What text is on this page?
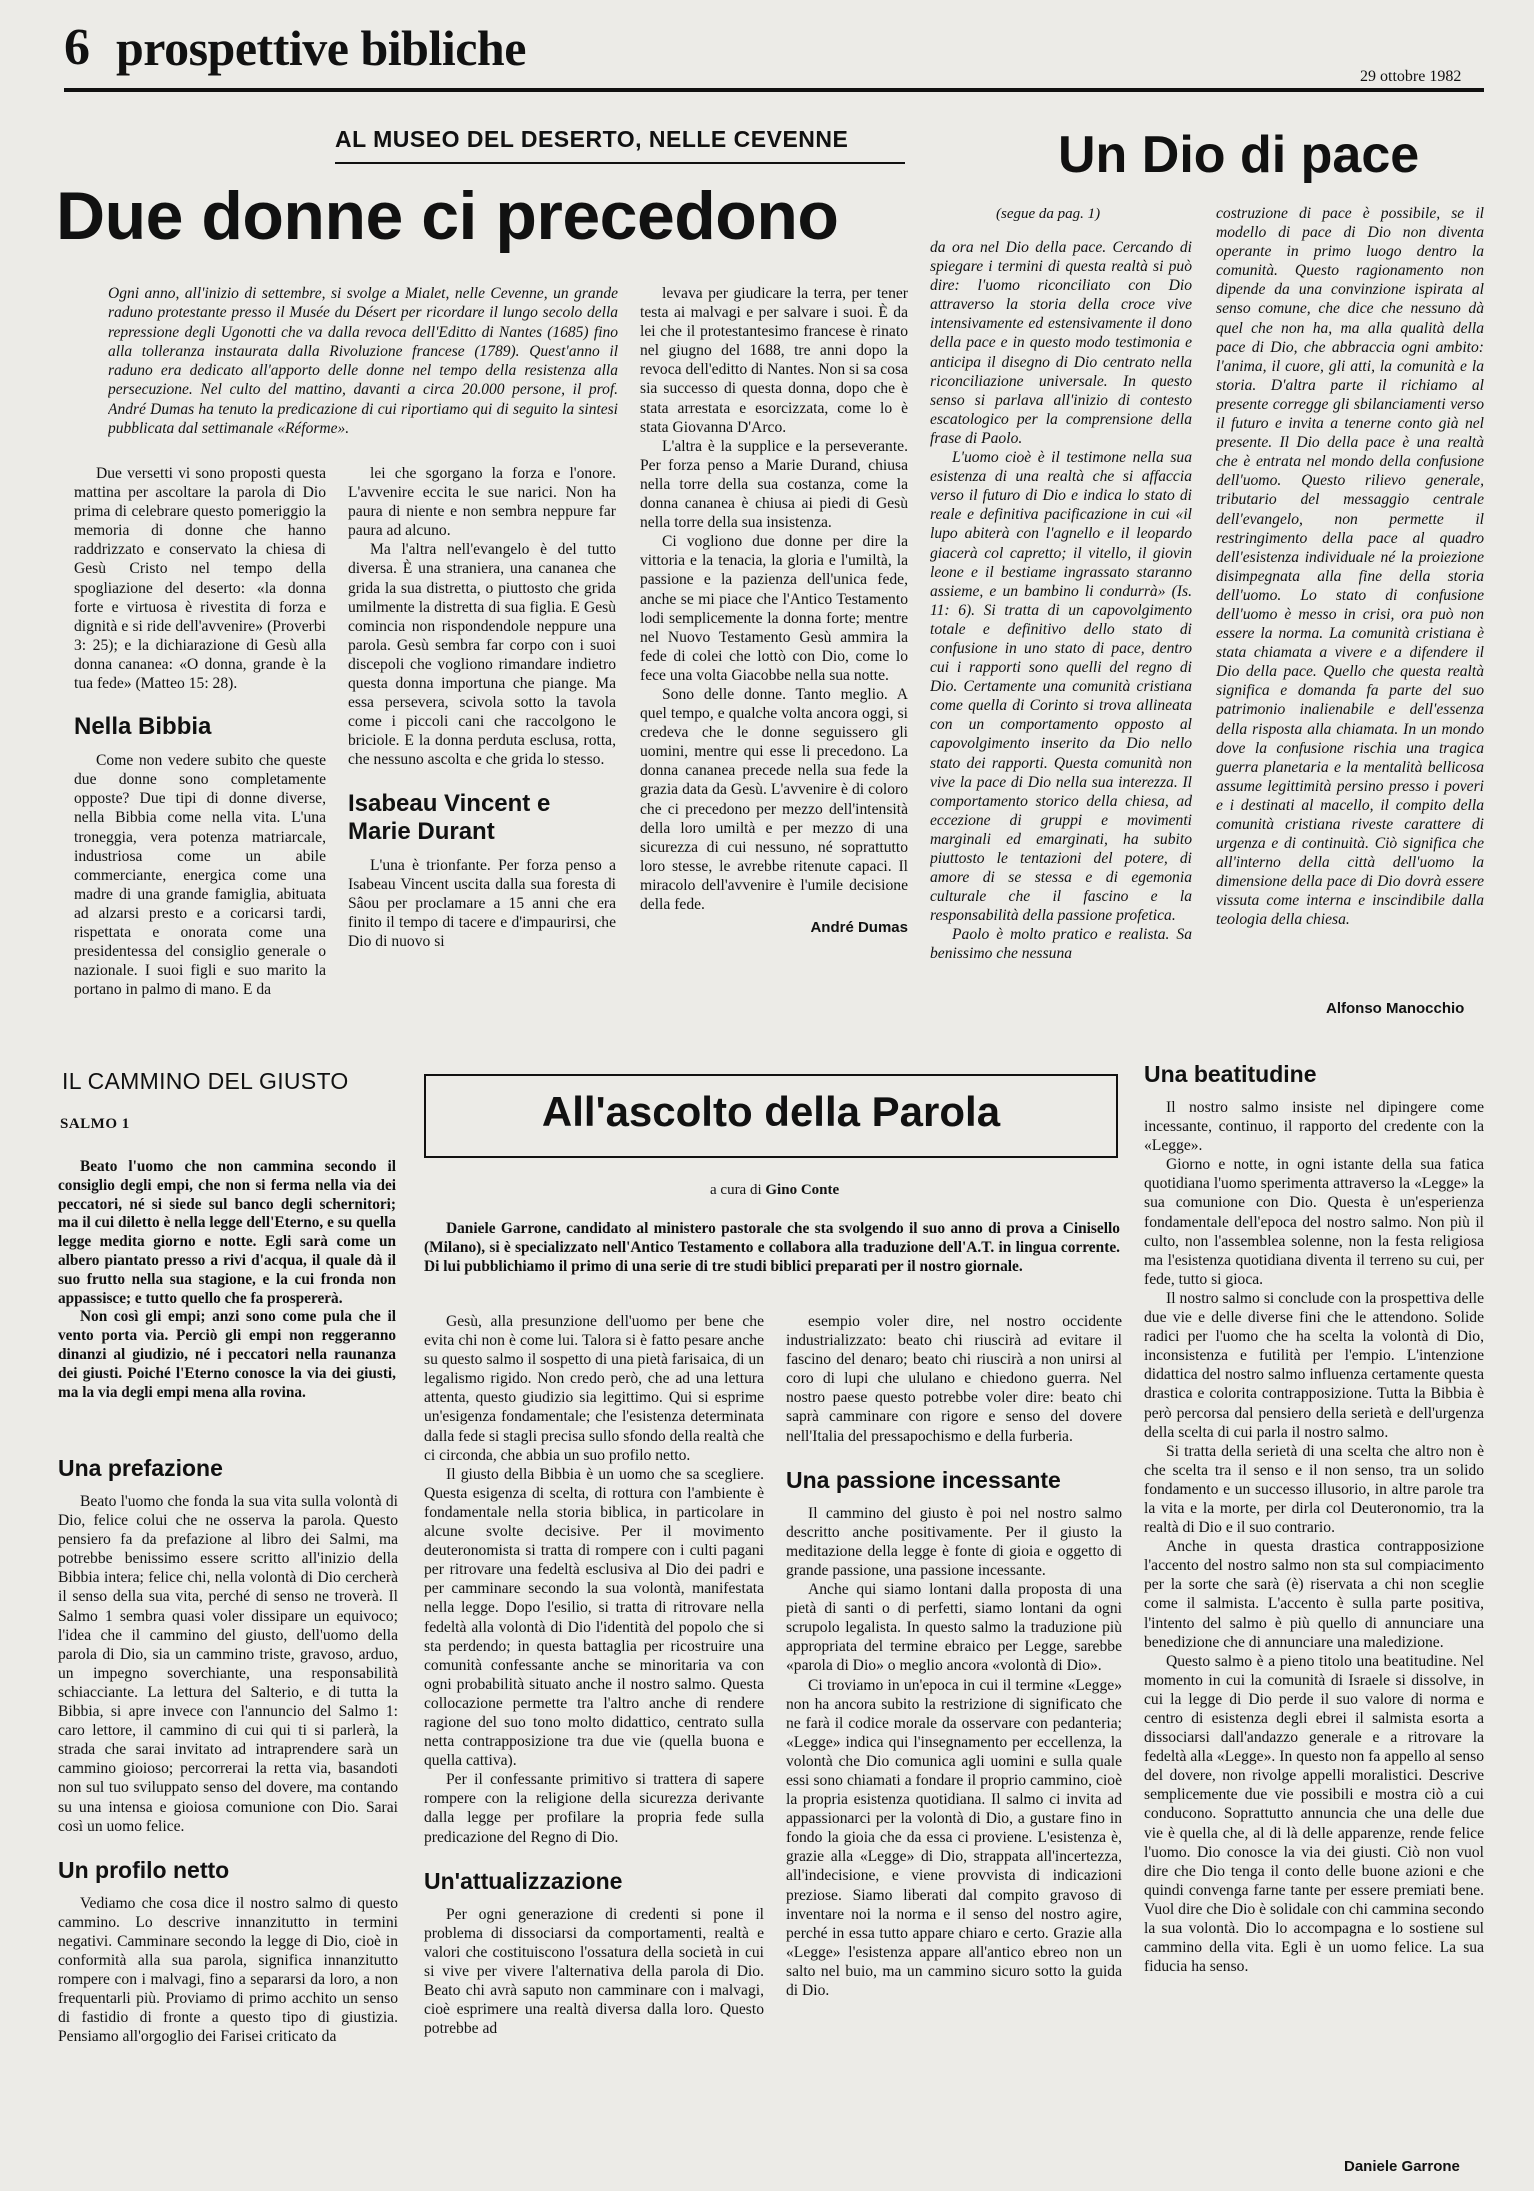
6 prospettive bibliche
29 ottobre 1982
AL MUSEO DEL DESERTO, NELLE CEVENNE
Due donne ci precedono
Ogni anno, all'inizio di settembre, si svolge a Mialet, nelle Cevenne, un grande raduno protestante presso il Musée du Désert per ricordare il lungo secolo della repressione degli Ugonotti che va dalla revoca dell'Editto di Nantes (1685) fino alla tolleranza instaurata dalla Rivoluzione francese (1789). Quest'anno il raduno era dedicato all'apporto delle donne nel tempo della resistenza alla persecuzione. Nel culto del mattino, davanti a circa 20.000 persone, il prof. André Dumas ha tenuto la predicazione di cui riportiamo qui di seguito la sintesi pubblicata dal settimanale «Réforme».

Due versetti vi sono proposti questa mattina per ascoltare la parola di Dio prima di celebrare questo pomeriggio la memoria di donne che hanno raddrizzato e conservato la chiesa di Gesù Cristo nel tempo della spogliazione del deserto: «la donna forte e virtuosa è rivestita di forza e dignità e si ride dell'avvenire» (Proverbi 3: 25); e la dichiarazione di Gesù alla donna cananea: «O donna, grande è la tua fede» (Matteo 15: 28).

Nella Bibbia

Come non vedere subito che queste due donne sono completamente opposte? Due tipi di donne diverse, nella Bibbia come nella vita. L'una troneggia, vera potenza matriarcale, industriosa come un abile commerciante, energica come una madre di una grande famiglia, abituata ad alzarsi presto e a coricarsi tardi, rispettata e onorata come una presidentessa del consiglio generale o nazionale. I suoi figli e suo marito la portano in palmo di mano. E da

lei che sgorgano la forza e l'onore. L'avvenire eccita le sue narici. Non ha paura di niente e non sembra neppure far paura ad alcuno.

Ma l'altra nell'evangelo è del tutto diversa. È una straniera, una cananea che grida la sua distretta, o piuttosto che grida umilmente la distretta di sua figlia. E Gesù comincia non rispondendole neppure una parola. Gesù sembra far corpo con i suoi discepoli che vogliono rimandare indietro questa donna importuna che piange. Ma essa persevera, scivola sotto la tavola come i piccoli cani che raccolgono le briciole. E la donna perduta esclusa, rotta, che nessuno ascolta e che grida lo stesso.

Isabeau Vincent e Marie Durant

L'una è trionfante. Per forza penso a Isabeau Vincent uscita dalla sua foresta di Sâou per proclamare a 15 anni che era finito il tempo di tacere e d'impaurirsi, che Dio di nuovo si

levava per giudicare la terra, per tener testa ai malvagi e per salvare i suoi. È da lei che il protestantesimo francese è rinato nel giugno del 1688, tre anni dopo la revoca dell'editto di Nantes. Non si sa cosa sia successo di questa donna, dopo che è stata arrestata e esorcizzata, come lo è stata Giovanna D'Arco.

L'altra è la supplice e la perseverante. Per forza penso a Marie Durand, chiusa nella torre della sua costanza, come la donna cananea è chiusa ai piedi di Gesù nella torre della sua insistenza.

Ci vogliono due donne per dire la vittoria e la tenacia, la gloria e l'umiltà, la passione e la pazienza dell'unica fede, anche se mi piace che l'Antico Testamento lodi semplicemente la donna forte; mentre nel Nuovo Testamento Gesù ammira la fede di colei che lottò con Dio, come lo fece una volta Giacobbe nella sua notte.

Sono delle donne. Tanto meglio. A quel tempo, e qualche volta ancora oggi, si credeva che le donne seguissero gli uomini, mentre qui esse li precedono. La donna cananea precede nella sua fede la grazia data da Gesù. L'avvenire è di coloro che ci precedono per mezzo dell'intensità della loro umiltà e per mezzo di una sicurezza di cui nessuno, né soprattutto loro stesse, le avrebbe ritenute capaci. Il miracolo dell'avvenire è l'umile decisione della fede.

André Dumas
Un Dio di pace
(segue da pag. 1)

da ora nel Dio della pace. Cercando di spiegare i termini di questa realtà si può dire: l'uomo riconciliato con Dio attraverso la storia della croce vive intensivamente ed estensivamente il dono della pace e in questo modo testimonia e anticipa il disegno di Dio centrato nella riconciliazione universale. In questo senso si parlava all'inizio di contesto escatologico per la comprensione della frase di Paolo.

L'uomo cioè è il testimone nella sua esistenza di una realtà che si affaccia verso il futuro di Dio e indica lo stato di reale e definitiva pacificazione in cui «il lupo abiterà con l'agnello e il leopardo giacerà col capretto; il vitello, il giovin leone e il bestiame ingrassato staranno assieme, e un bambino li condurrà» (Is. 11: 6). Si tratta di un capovolgimento totale e definitivo dello stato di confusione in uno stato di pace, dentro cui i rapporti sono quelli del regno di Dio. Certamente una comunità cristiana come quella di Corinto si trova allineata con un comportamento opposto al capovolgimento inserito da Dio nello stato dei rapporti. Questa comunità non vive la pace di Dio nella sua interezza. Il comportamento storico della chiesa, ad eccezione di gruppi e movimenti marginali ed emarginati, ha subito piuttosto le tentazioni del potere, di amore di se stessa e di egemonia culturale che il fascino e la responsabilità della passione profetica.

Paolo è molto pratico e realista. Sa benissimo che nessuna

costruzione di pace è possibile, se il modello di pace di Dio non diventa operante in primo luogo dentro la comunità. Questo ragionamento non dipende da una convinzione ispirata al senso comune, che dice che nessuno dà quel che non ha, ma alla qualità della pace di Dio, che abbraccia ogni ambito: l'anima, il cuore, gli atti, la comunità e la storia. D'altra parte il richiamo al presente corregge gli sbilanciamenti verso il futuro e invita a tenerne conto già nel presente. Il Dio della pace è una realtà che è entrata nel mondo della confusione dell'uomo. Questo rilievo generale, tributario del messaggio centrale dell'evangelo, non permette il restringimento della pace al quadro dell'esistenza individuale né la proiezione disimpegnata alla fine della storia dell'uomo. Lo stato di confusione dell'uomo è messo in crisi, ora può non essere la norma. La comunità cristiana è stata chiamata a vivere e a difendere il Dio della pace. Quello che questa realtà significa e domanda fa parte del suo patrimonio inalienabile e dell'essenza della risposta alla chiamata. In un mondo dove la confusione rischia una tragica guerra planetaria e la mentalità bellicosa assume legittimità persino presso i poveri e i destinati al macello, il compito della comunità cristiana riveste carattere di urgenza e di continuità. Ciò significa che all'interno della città dell'uomo la dimensione della pace di Dio dovrà essere vissuta come interna e inscindibile dalla teologia della chiesa.

Alfonso Manocchio
IL CAMMINO DEL GIUSTO
SALMO 1

Beato l'uomo che non cammina secondo il consiglio degli empi, che non si ferma nella via dei peccatori, né si siede sul banco degli schernitori; ma il cui diletto è nella legge dell'Eterno, e su quella legge medita giorno e notte. Egli sarà come un albero piantato presso a rivi d'acqua, il quale dà il suo frutto nella sua stagione, e la cui fronda non appassisce; e tutto quello che fa prospererà.

Non così gli empi; anzi sono come pula che il vento porta via. Perciò gli empi non reggeranno dinanzi al giudizio, né i peccatori nella raunanza dei giusti. Poiché l'Eterno conosce la via dei giusti, ma la via degli empi mena alla rovina.

All'ascolto della Parola
a cura di Gino Conte
Daniele Garrone, candidato al ministero pastorale che sta svolgendo il suo anno di prova a Cinisello (Milano), si è specializzato nell'Antico Testamento e collabora alla traduzione dell'A.T. in lingua corrente. Di lui pubblichiamo il primo di una serie di tre studi biblici preparati per il nostro giornale.
Una prefazione

Beato l'uomo che fonda la sua vita sulla volontà di Dio, felice colui che ne osserva la parola. Questo pensiero fa da prefazione al libro dei Salmi, ma potrebbe benissimo essere scritto all'inizio della Bibbia intera; felice chi, nella volontà di Dio cercherà il senso della sua vita, perché di senso ne troverà. Il Salmo 1 sembra quasi voler dissipare un equivoco; l'idea che il cammino del giusto, dell'uomo della parola di Dio, sia un cammino triste, gravoso, arduo, un impegno soverchiante, una responsabilità schiacciante. La lettura del Salterio, e di tutta la Bibbia, si apre invece con l'annuncio del Salmo 1: caro lettore, il cammino di cui qui ti si parlerà, la strada che sarai invitato ad intraprendere sarà un cammino gioioso; percorrerai la retta via, basandoti non sul tuo sviluppato senso del dovere, ma contando su una intensa e gioiosa comunione con Dio. Sarai così un uomo felice.

Un profilo netto

Vediamo che cosa dice il nostro salmo di questo cammino. Lo descrive innanzitutto in termini negativi. Camminare secondo la legge di Dio, cioè in conformità alla sua parola, significa innanzitutto rompere con i malvagi, fino a separarsi da loro, a non frequentarli più. Proviamo di primo acchito un senso di fastidio di fronte a questo tipo di giustizia. Pensiamo all'orgoglio dei Farisei criticato da

Gesù, alla presunzione dell'uomo per bene che evita chi non è come lui. Talora si è fatto pesare anche su questo salmo il sospetto di una pietà farisaica, di un legalismo rigido. Non credo però, che ad una lettura attenta, questo giudizio sia legittimo. Qui si esprime un'esigenza fondamentale; che l'esistenza determinata dalla fede si stagli precisa sullo sfondo della realtà che ci circonda, che abbia un suo profilo netto.

Il giusto della Bibbia è un uomo che sa scegliere. Questa esigenza di scelta, di rottura con l'ambiente è fondamentale nella storia biblica, in particolare in alcune svolte decisive. Per il movimento deuteronomista si tratta di rompere con i culti pagani per ritrovare una fedeltà esclusiva al Dio dei padri e per camminare secondo la sua volontà, manifestata nella legge. Dopo l'esilio, si tratta di ritrovare nella fedeltà alla volontà di Dio l'identità del popolo che si sta perdendo; in questa battaglia per ricostruire una comunità confessante anche se minoritaria va con ogni probabilità situato anche il nostro salmo. Questa collocazione permette tra l'altro anche di rendere ragione del suo tono molto didattico, centrato sulla netta contrapposizione tra due vie (quella buona e quella cattiva).

Per il confessante primitivo si trattera di sapere rompere con la religione della sicurezza derivante dalla legge per profilare la propria fede sulla predicazione del Regno di Dio.

Un'attualizzazione

Per ogni generazione di credenti si pone il problema di dissociarsi da comportamenti, realtà e valori che costituiscono l'ossatura della società in cui si vive per vivere l'alternativa della parola di Dio. Beato chi avrà saputo non camminare con i malvagi, cioè esprimere una realtà diversa dalla loro. Questo potrebbe ad

esempio voler dire, nel nostro occidente industrializzato: beato chi riuscirà ad evitare il fascino del denaro; beato chi riuscirà a non unirsi al coro di lupi che ululano e chiedono guerra. Nel nostro paese questo potrebbe voler dire: beato chi saprà camminare con rigore e senso del dovere nell'Italia del pressapochismo e della furberia.

Una passione incessante

Il cammino del giusto è poi nel nostro salmo descritto anche positivamente. Per il giusto la meditazione della legge è fonte di gioia e oggetto di grande passione, una passione incessante.

Anche qui siamo lontani dalla proposta di una pietà di santi o di perfetti, siamo lontani da ogni scrupolo legalista. In questo salmo la traduzione più appropriata del termine ebraico per Legge, sarebbe «parola di Dio» o meglio ancora «volontà di Dio».

Ci troviamo in un'epoca in cui il termine «Legge» non ha ancora subito la restrizione di significato che ne farà il codice morale da osservare con pedanteria; «Legge» indica qui l'insegnamento per eccellenza, la volontà che Dio comunica agli uomini e sulla quale essi sono chiamati a fondare il proprio cammino, cioè la propria esistenza quotidiana. Il salmo ci invita ad appassionarci per la volontà di Dio, a gustare fino in fondo la gioia che da essa ci proviene. L'esistenza è, grazie alla «Legge» di Dio, strappata all'incertezza, all'indecisione, e viene provvista di indicazioni preziose. Siamo liberati dal compito gravoso di inventare noi la norma e il senso del nostro agire, perché in essa tutto appare chiaro e certo. Grazie alla «Legge» l'esistenza appare all'antico ebreo non un salto nel buio, ma un cammino sicuro sotto la guida di Dio.

Una beatitudine

Il nostro salmo insiste nel dipingere come incessante, continuo, il rapporto del credente con la «Legge».

Giorno e notte, in ogni istante della sua fatica quotidiana l'uomo sperimenta attraverso la «Legge» la sua comunione con Dio. Questa è un'esperienza fondamentale dell'epoca del nostro salmo. Non più il culto, non l'assemblea solenne, non la festa religiosa ma l'esistenza quotidiana diventa il terreno su cui, per fede, tutto si gioca.

Il nostro salmo si conclude con la prospettiva delle due vie e delle diverse fini che le attendono. Solide radici per l'uomo che ha scelta la volontà di Dio, inconsistenza e futilità per l'empio. L'intenzione didattica del nostro salmo influenza certamente questa drastica e colorita contrapposizione. Tutta la Bibbia è però percorsa dal pensiero della serietà e dell'urgenza della scelta di cui parla il nostro salmo.

Si tratta della serietà di una scelta che altro non è che scelta tra il senso e il non senso, tra un solido fondamento e un successo illusorio, in altre parole tra la vita e la morte, per dirla col Deuteronomio, tra la realtà di Dio e il suo contrario.

Anche in questa drastica contrapposizione l'accento del nostro salmo non sta sul compiacimento per la sorte che sarà (è) riservata a chi non sceglie come il salmista. L'accento è sulla parte positiva, l'intento del salmo è più quello di annunciare una benedizione che di annunciare una maledizione.

Questo salmo è a pieno titolo una beatitudine. Nel momento in cui la comunità di Israele si dissolve, in cui la legge di Dio perde il suo valore di norma e centro di esistenza degli ebrei il salmista esorta a dissociarsi dall'andazzo generale e a ritrovare la fedeltà alla «Legge». In questo non fa appello al senso del dovere, non rivolge appelli moralistici. Descrive semplicemente due vie possibili e mostra ciò a cui conducono. Soprattutto annuncia che una delle due vie è quella che, al di là delle apparenze, rende felice l'uomo. Dio conosce la via dei giusti. Ciò non vuol dire che Dio tenga il conto delle buone azioni e che quindi convenga farne tante per essere premiati bene. Vuol dire che Dio è solidale con chi cammina secondo la sua volontà. Dio lo accompagna e lo sostiene sul cammino della vita. Egli è un uomo felice. La sua fiducia ha senso.

Daniele Garrone
